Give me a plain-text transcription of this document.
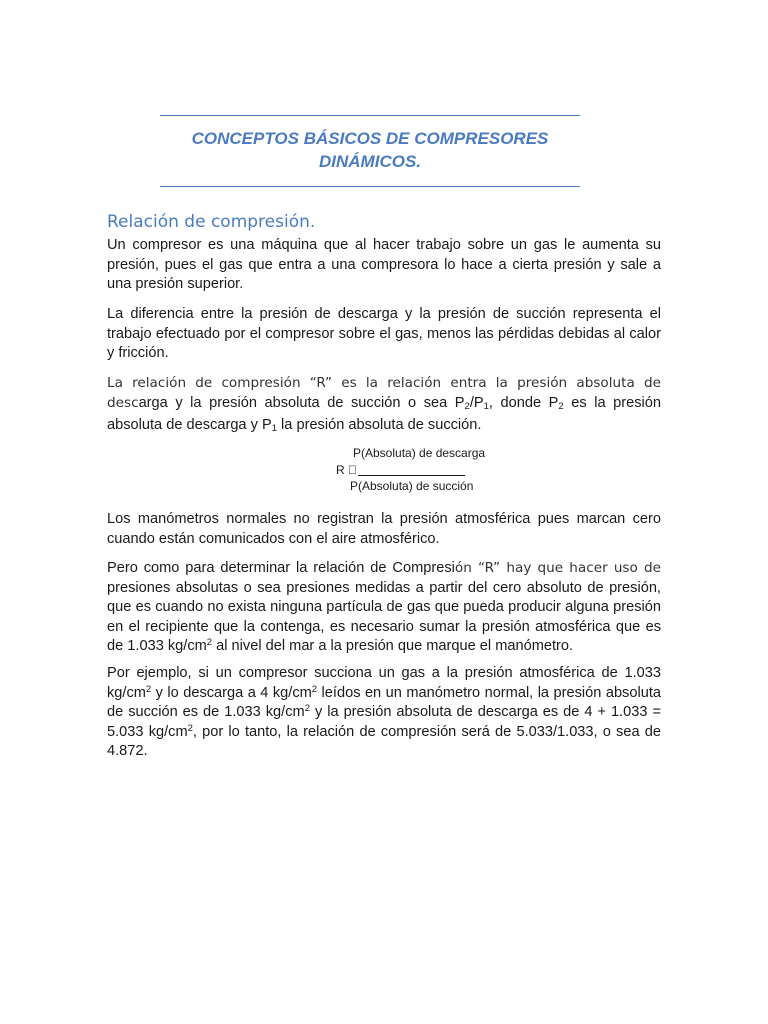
CONCEPTOS BÁSICOS DE COMPRESORES
DINÁMICOS.
Relación de compresión.

Un compresor es una máquina que al hacer trabajo sobre un gas le aumenta su presión, pues el gas que entra a una compresora lo hace a cierta presión y sale a una presión superior.

La diferencia entre la presión de descarga y la presión de succión representa el trabajo efectuado por el compresor sobre el gas, menos las pérdidas debidas al calor y fricción.

La relación de compresión “R” es la relación entra la presión absoluta de descarga y la presión absoluta de succión o sea $P_2/P_1$, donde $P_2$ es la presión absoluta de descarga y $P_1$ la presión absoluta de succión.

P(Absoluta) de descarga
R
P(Absoluta) de succión

Los manómetros normales no registran la presión atmosférica pues marcan cero cuando están comunicados con el aire atmosférico.

Pero como para determinar la relación de Compresión “R” hay que hacer uso de presiones absolutas o sea presiones medidas a partir del cero absoluto de presión, que es cuando no exista ninguna partícula de gas que pueda producir alguna presión en el recipiente que la contenga, es necesario sumar la presión atmosférica que es de 1.033 $kg/cm^2$ al nivel del mar a la presión que marque el manómetro.

Por ejemplo, si un compresor succiona un gas a la presión atmosférica de 1.033 $kg/cm^2$ y lo descarga a 4 $kg/cm^2$ leídos en un manómetro normal, la presión absoluta de succión es de 1.033 $kg/cm^2$ y la presión absoluta de descarga es de 4 + 1.033 = 5.033 $kg/cm^2$, por lo tanto, la relación de compresión será de 5.033/1.033, o sea de 4.872.
